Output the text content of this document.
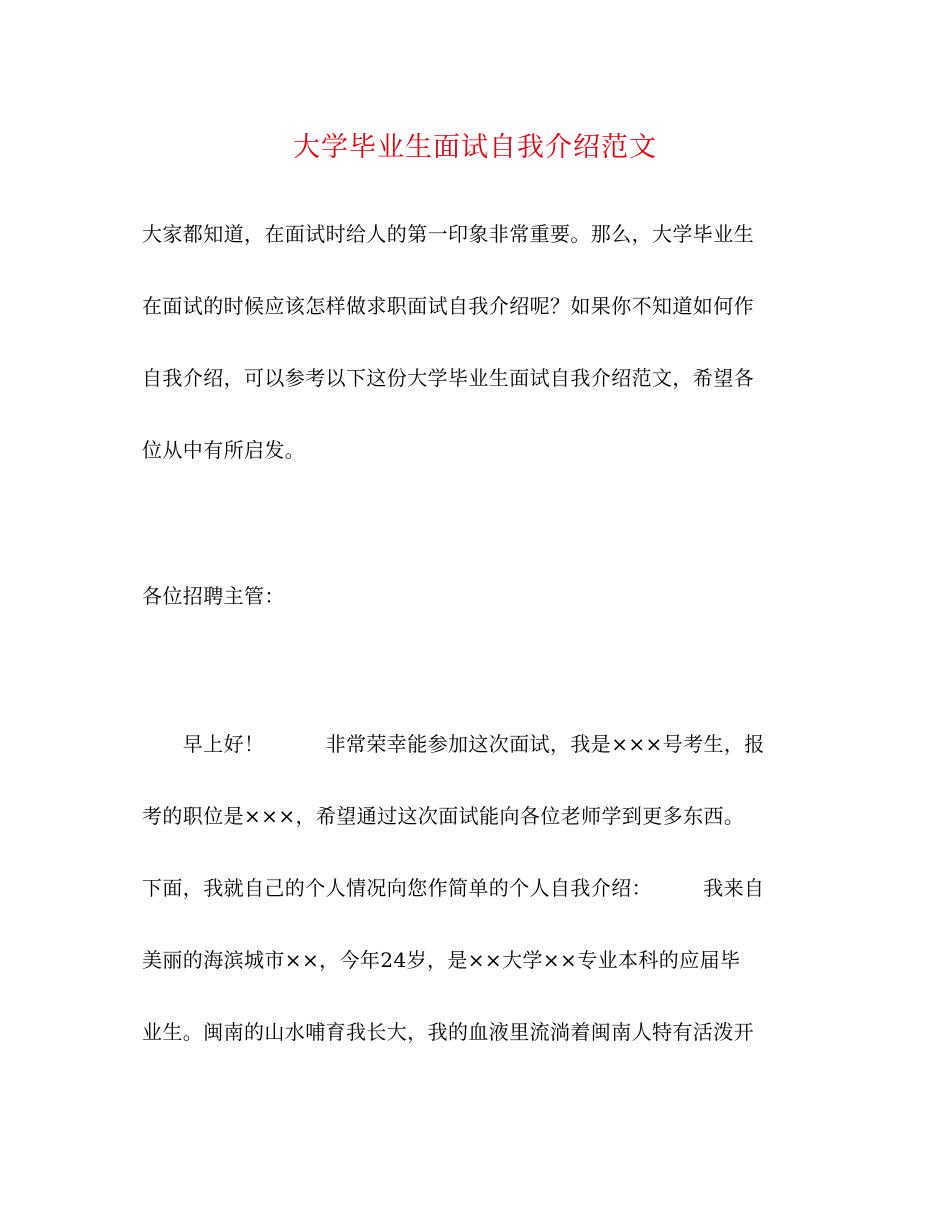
大学毕业生面试自我介绍范文

大家都知道，在面试时给人的第一印象非常重要。那么，大学毕业生

在面试的时候应该怎样做求职面试自我介绍呢？如果你不知道如何作

自我介绍，可以参考以下这份大学毕业生面试自我介绍范文，希望各

位从中有所启发。

各位招聘主管：

　　早上好！　　　非常荣幸能参加这次面试，我是×××号考生，报

考的职位是×××，希望通过这次面试能向各位老师学到更多东西。

下面，我就自己的个人情况向您作简单的个人自我介绍：　　　我来自

美丽的海滨城市××，今年24岁，是××大学××专业本科的应届毕

业生。闽南的山水哺育我长大，我的血液里流淌着闽南人特有活泼开
